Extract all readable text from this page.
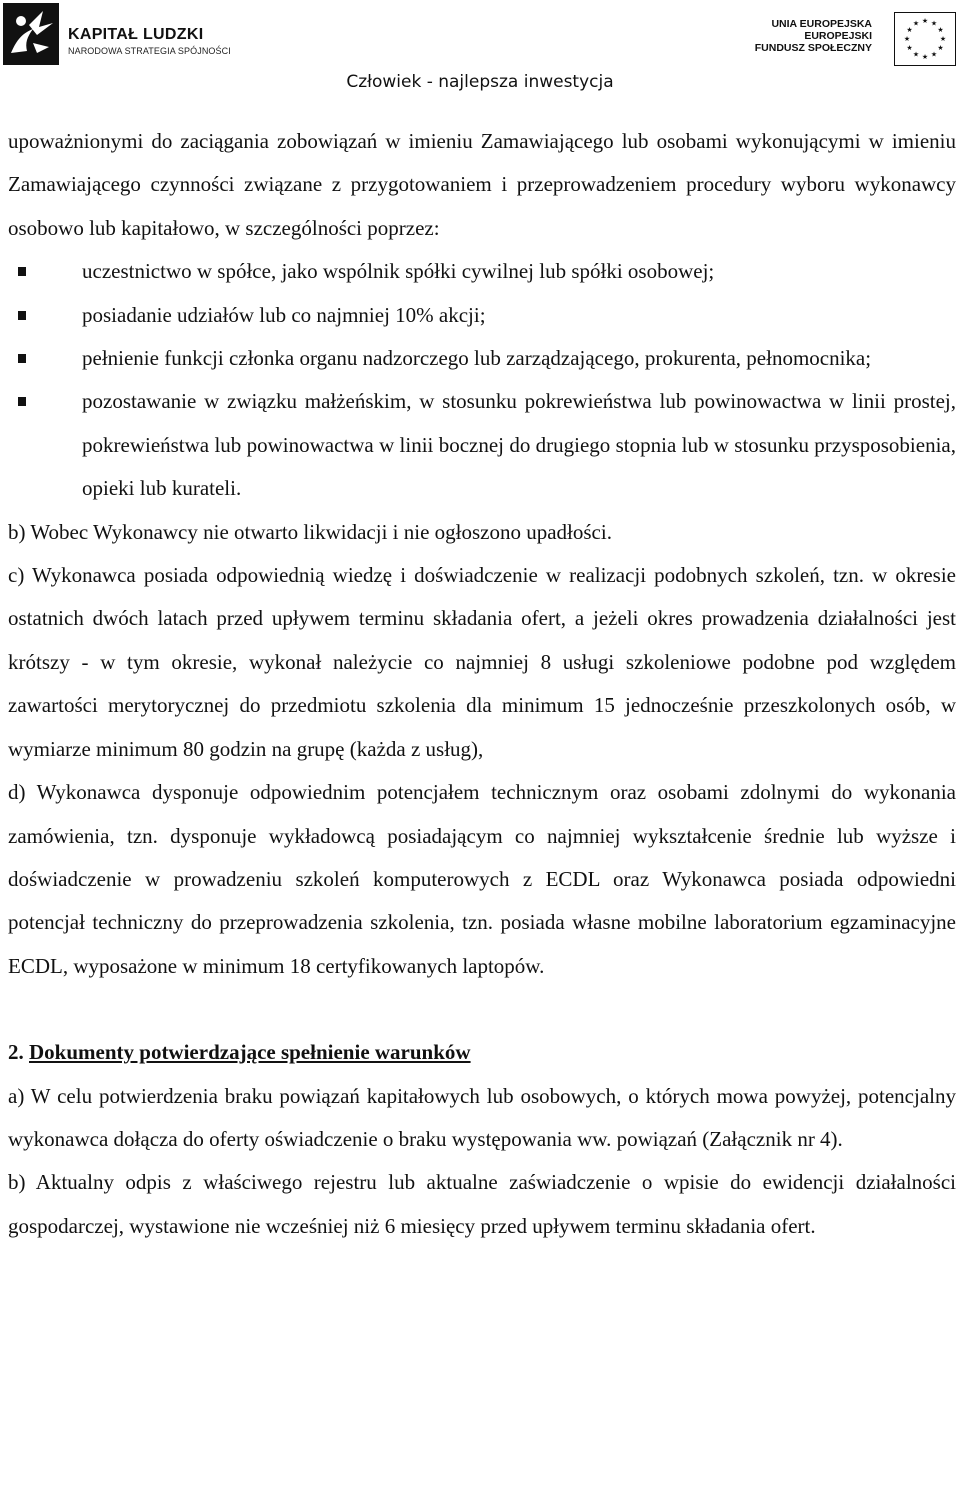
KAPITAŁ LUDZKI
NARODOWA STRATEGIA SPÓJNOŚCI
UNIA EUROPEJSKA
EUROPEJSKI
FUNDUSZ SPOŁECZNY
★ ★
★
★
★
★
★
★
★
★
★
★
Człowiek - najlepsza inwestycja

upoważnionymi do zaciągania zobowiązań w imieniu Zamawiającego lub osobami wykonującymi w imieniu Zamawiającego czynności związane z przygotowaniem i przeprowadzeniem procedury wyboru wykonawcy osobowo lub kapitałowo, w szczególności poprzez:

uczestnictwo w spółce, jako wspólnik spółki cywilnej lub spółki osobowej;
posiadanie udziałów lub co najmniej 10% akcji;
pełnienie funkcji członka organu nadzorczego lub zarządzającego, prokurenta, pełnomocnika;
pozostawanie w związku małżeńskim, w stosunku pokrewieństwa lub powinowactwa w linii prostej, pokrewieństwa lub powinowactwa w linii bocznej do drugiego stopnia lub w stosunku przysposobienia, opieki lub kurateli.

b) Wobec Wykonawcy nie otwarto likwidacji i nie ogłoszono upadłości.

c) Wykonawca posiada odpowiednią wiedzę i doświadczenie w realizacji podobnych szkoleń, tzn. w okresie ostatnich dwóch latach przed upływem terminu składania ofert, a jeżeli okres prowadzenia działalności jest krótszy - w tym okresie, wykonał należycie co najmniej 8 usługi szkoleniowe podobne pod względem zawartości merytorycznej do przedmiotu szkolenia dla minimum 15 jednocześnie przeszkolonych osób, w wymiarze minimum 80 godzin na grupę (każda z usług),

d) Wykonawca dysponuje odpowiednim potencjałem technicznym oraz osobami zdolnymi do wykonania zamówienia, tzn. dysponuje wykładowcą posiadającym co najmniej wykształcenie średnie lub wyższe i doświadczenie w prowadzeniu szkoleń komputerowych z ECDL oraz Wykonawca posiada odpowiedni potencjał techniczny do przeprowadzenia szkolenia, tzn. posiada własne mobilne laboratorium egzaminacyjne ECDL, wyposażone w minimum 18 certyfikowanych laptopów.

2. Dokumenty potwierdzające spełnienie warunków

a) W celu potwierdzenia braku powiązań kapitałowych lub osobowych, o których mowa powyżej, potencjalny wykonawca dołącza do oferty oświadczenie o braku występowania ww. powiązań (Załącznik nr 4).

b) Aktualny odpis z właściwego rejestru lub aktualne zaświadczenie o wpisie do ewidencji działalności gospodarczej, wystawione nie wcześniej niż 6 miesięcy przed upływem terminu składania ofert.
